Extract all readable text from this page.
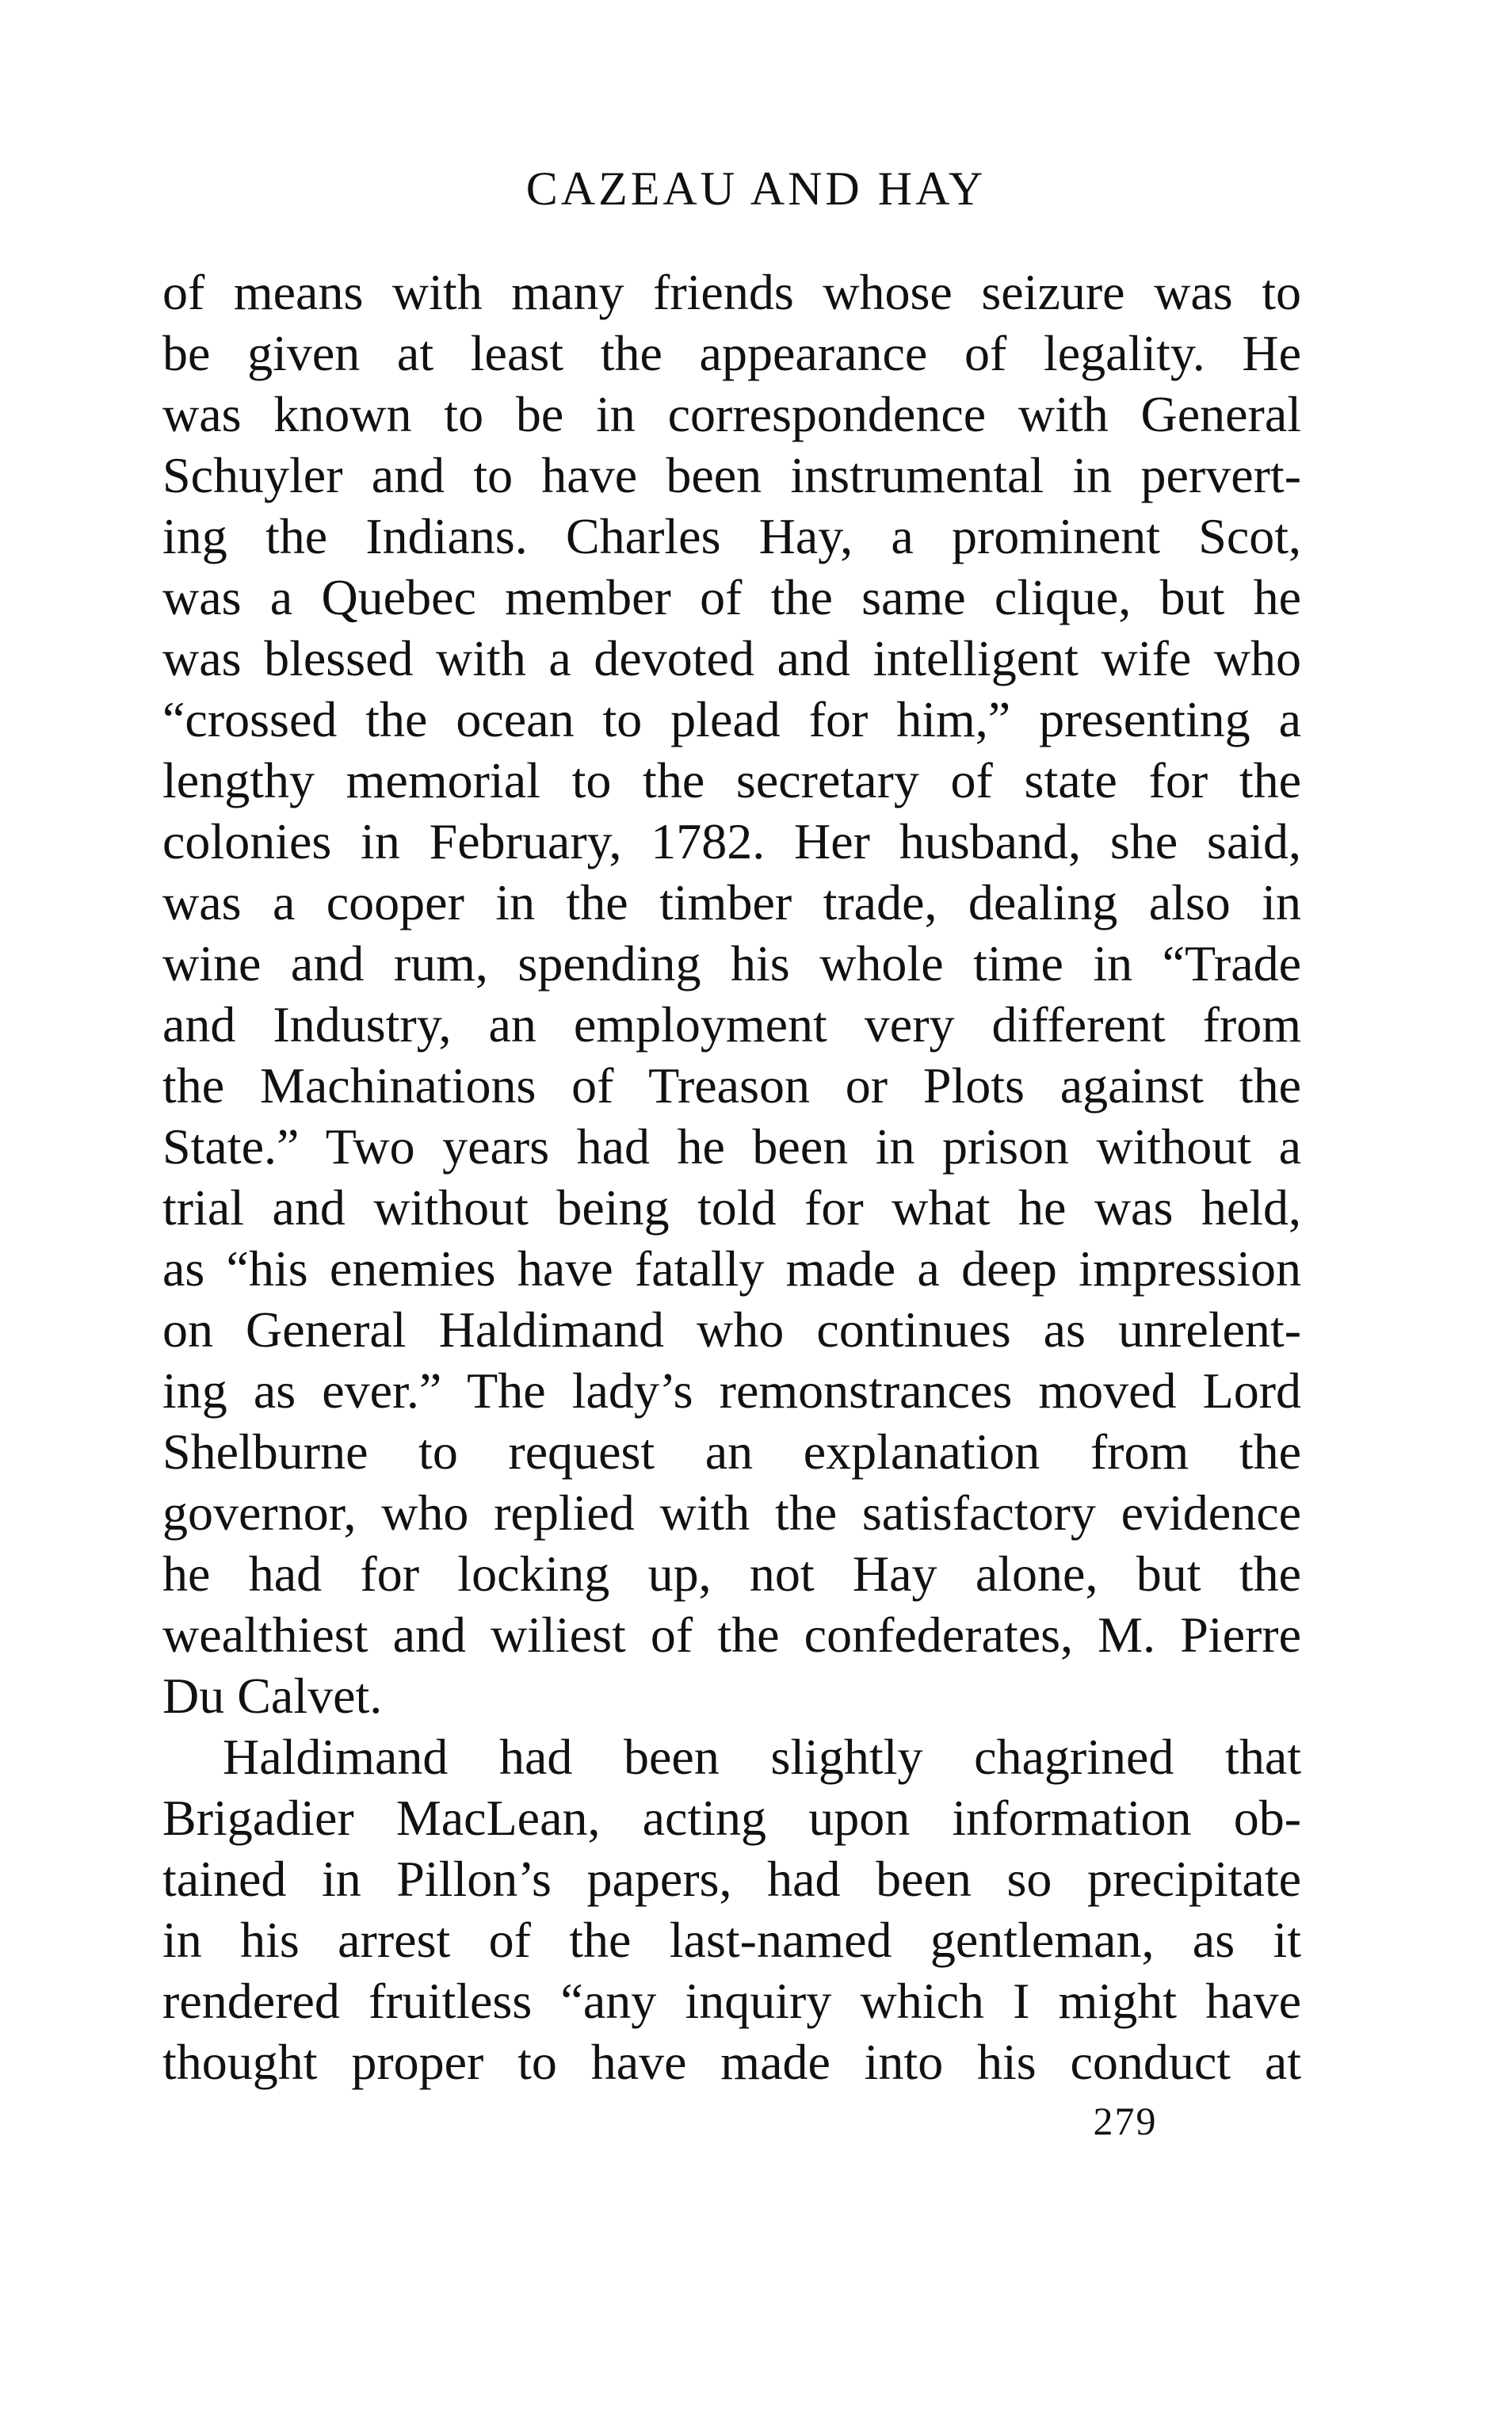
CAZEAU AND HAY
of means with many friends whose seizure was to
be given at least the appearance of legality. He
was known to be in correspondence with General
Schuyler and to have been instrumental in pervert-
ing the Indians. Charles Hay, a prominent Scot,
was a Quebec member of the same clique, but he
was blessed with a devoted and intelligent wife who
“crossed the ocean to plead for him,” presenting a
lengthy memorial to the secretary of state for the
colonies in February, 1782. Her husband, she said,
was a cooper in the timber trade, dealing also in
wine and rum, spending his whole time in “Trade
and Industry, an employment very different from
the Machinations of Treason or Plots against the
State.” Two years had he been in prison without a
trial and without being told for what he was held,
as “his enemies have fatally made a deep impression
on General Haldimand who continues as unrelent-
ing as ever.” The lady’s remonstrances moved Lord
Shelburne to request an explanation from the
governor, who replied with the satisfactory evidence
he had for locking up, not Hay alone, but the
wealthiest and wiliest of the confederates, M. Pierre
Du Calvet.
Haldimand had been slightly chagrined that
Brigadier MacLean, acting upon information ob-
tained in Pillon’s papers, had been so precipitate
in his arrest of the last-named gentleman, as it
rendered fruitless “any inquiry which I might have
thought proper to have made into his conduct at
279
